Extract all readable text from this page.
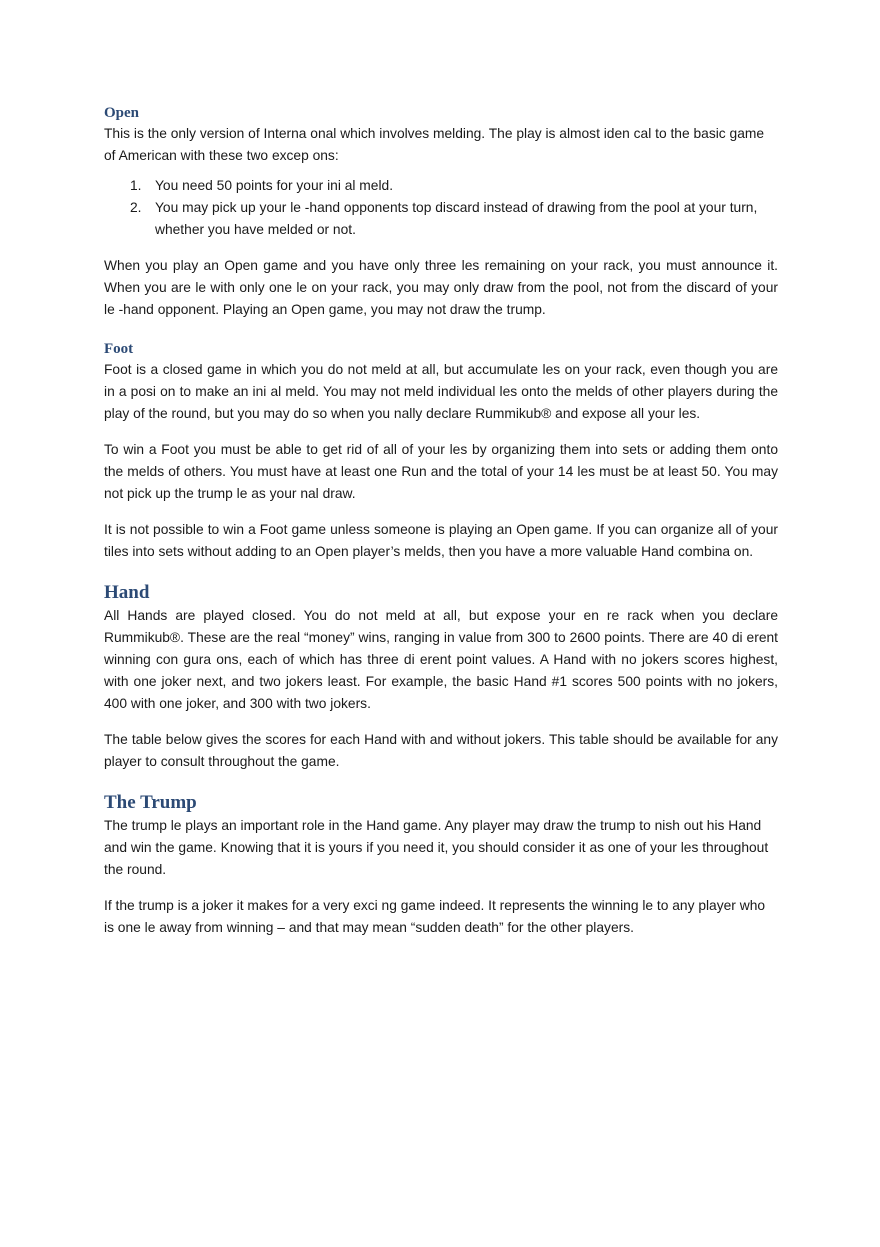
Open

This is the only version of Interna onal which involves melding. The play is almost iden cal to the basic game of American with these two excep ons:

1. You need 50 points for your ini al meld.
2. You may pick up your le -hand opponents top discard instead of drawing from the pool at your turn, whether you have melded or not.

When you play an Open game and you have only three les remaining on your rack, you must announce it. When you are le with only one le on your rack, you may only draw from the pool, not from the discard of your le -hand opponent. Playing an Open game, you may not draw the trump.

Foot

Foot is a closed game in which you do not meld at all, but accumulate les on your rack, even though you are in a posi on to make an ini al meld. You may not meld individual les onto the melds of other players during the play of the round, but you may do so when you nally declare Rummikub® and expose all your les.

To win a Foot you must be able to get rid of all of your les by organizing them into sets or adding them onto the melds of others. You must have at least one Run and the total of your 14 les must be at least 50. You may not pick up the trump le as your nal draw.

It is not possible to win a Foot game unless someone is playing an Open game. If you can organize all of your tiles into sets without adding to an Open player’s melds, then you have a more valuable Hand combina on.

Hand

All Hands are played closed. You do not meld at all, but expose your en re rack when you declare Rummikub®. These are the real “money” wins, ranging in value from 300 to 2600 points. There are 40 di erent winning con gura ons, each of which has three di erent point values. A Hand with no jokers scores highest, with one joker next, and two jokers least. For example, the basic Hand #1 scores 500 points with no jokers, 400 with one joker, and 300 with two jokers.

The table below gives the scores for each Hand with and without jokers. This table should be available for any player to consult throughout the game.

The Trump

The trump le plays an important role in the Hand game. Any player may draw the trump to nish out his Hand and win the game. Knowing that it is yours if you need it, you should consider it as one of your les throughout the round.

If the trump is a joker it makes for a very exci ng game indeed. It represents the winning le to any player who is one le away from winning – and that may mean “sudden death” for the other players.
